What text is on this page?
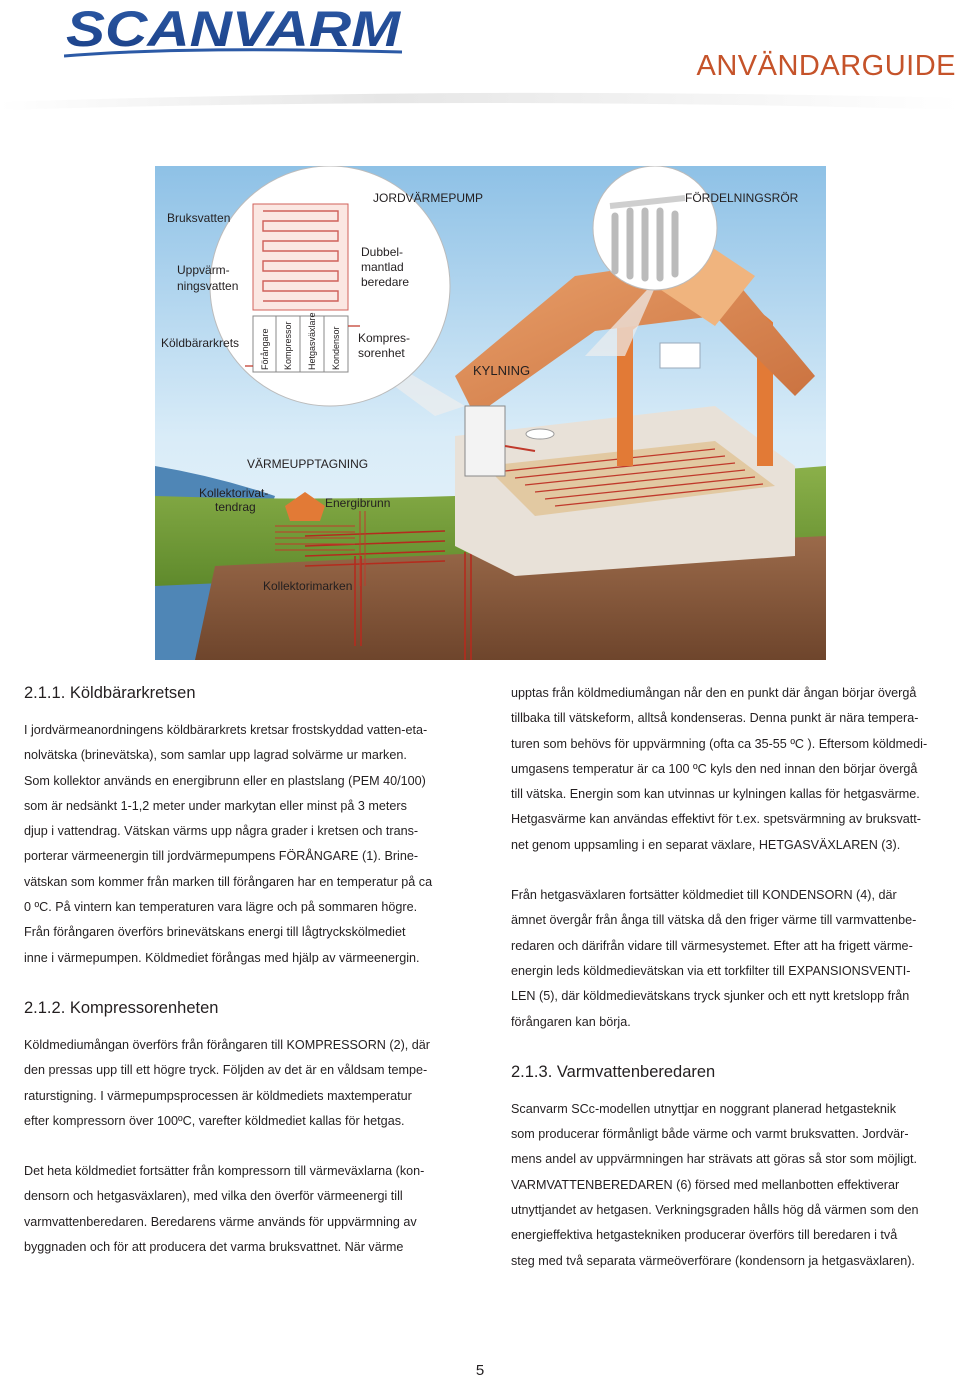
SCANVARM
ANVÄNDARGUIDE
Bruksvatten
Uppvärm-
ningsvatten
Köldbärarkrets Förångare Kompressor Hetgasväxlare Kondensor
JORDVÄRMEPUMP
Dubbel-
mantlad
beredare
Kompres-
sorenhet
FÖRDELNINGSRÖR
KYLNING
VÄRMEUPPTAGNING
Kollektorivat-
tendrag	Energibrunn
Kollektorimarken

2.1.1. Köldbärarkretsen

I jordvärmeanordningens köldbärarkrets kretsar frostskyddad vatten-eta-

nolvätska (brinevätska), som samlar upp lagrad solvärme ur marken.

Som kollektor används en energibrunn eller en plastslang (PEM 40/100)

som är nedsänkt 1-1,2 meter under markytan eller minst på 3 meters

djup i vattendrag. Vätskan värms upp några grader i kretsen och trans-

porterar värmeenergin till jordvärmepumpens FÖRÅNGARE (1). Brine-

vätskan som kommer från marken till förångaren har en temperatur på ca

0 ºC. På vintern kan temperaturen vara lägre och på sommaren högre.

Från förångaren överförs brinevätskans energi till lågtryckskölmediet

inne i värmepumpen. Köldmediet förångas med hjälp av värmeenergin.

2.1.2. Kompressorenheten

Köldmediumångan överförs från förångaren till KOMPRESSORN (2), där

den pressas upp till ett högre tryck. Följden av det är en våldsam tempe-

raturstigning. I värmepumpsprocessen är köldmediets maxtemperatur

efter kompressorn över 100ºC, varefter köldmediet kallas för hetgas.

Det heta köldmediet fortsätter från kompressorn till värmeväxlarna (kon-

densorn och hetgasväxlaren), med vilka den överför värmeenergi till

varmvattenberedaren. Beredarens värme används för uppvärmning av

byggnaden och för att producera det varma bruksvattnet. När värme

upptas från köldmediumångan når den en punkt där ångan börjar övergå

tillbaka till vätskeform, alltså kondenseras. Denna punkt är nära tempera-

turen som behövs för uppvärmning (ofta ca 35-55 ºC ). Eftersom köldmedi-

umgasens temperatur är ca 100 ºC kyls den ned innan den börjar övergå

till vätska. Energin som kan utvinnas ur kylningen kallas för hetgasvärme.

Hetgasvärme kan användas effektivt för t.ex. spetsvärmning av bruksvatt-

net genom uppsamling i en separat växlare, HETGASVÄXLAREN (3).

Från hetgasväxlaren fortsätter köldmediet till KONDENSORN (4), där

ämnet övergår från ånga till vätska då den friger värme till varmvattenbe-

redaren och därifrån vidare till värmesystemet. Efter att ha frigett värme-

energin leds köldmedievätskan via ett torkfilter till EXPANSIONSVENTI-

LEN (5), där köldmedievätskans tryck sjunker och ett nytt kretslopp från

förångaren kan börja.

2.1.3. Varmvattenberedaren

Scanvarm SCc-modellen utnyttjar en noggrant planerad hetgasteknik

som producerar förmånligt både värme och varmt bruksvatten. Jordvär-

mens andel av uppvärmningen har strävats att göras så stor som möjligt.

VARMVATTENBEREDAREN (6) försed med mellanbotten effektiverar

utnyttjandet av hetgasen. Verkningsgraden hålls hög då värmen som den

energieffektiva hetgastekniken producerar överförs till beredaren i två

steg med två separata värmeöverförare (kondensorn ja hetgasväxlaren).

5
